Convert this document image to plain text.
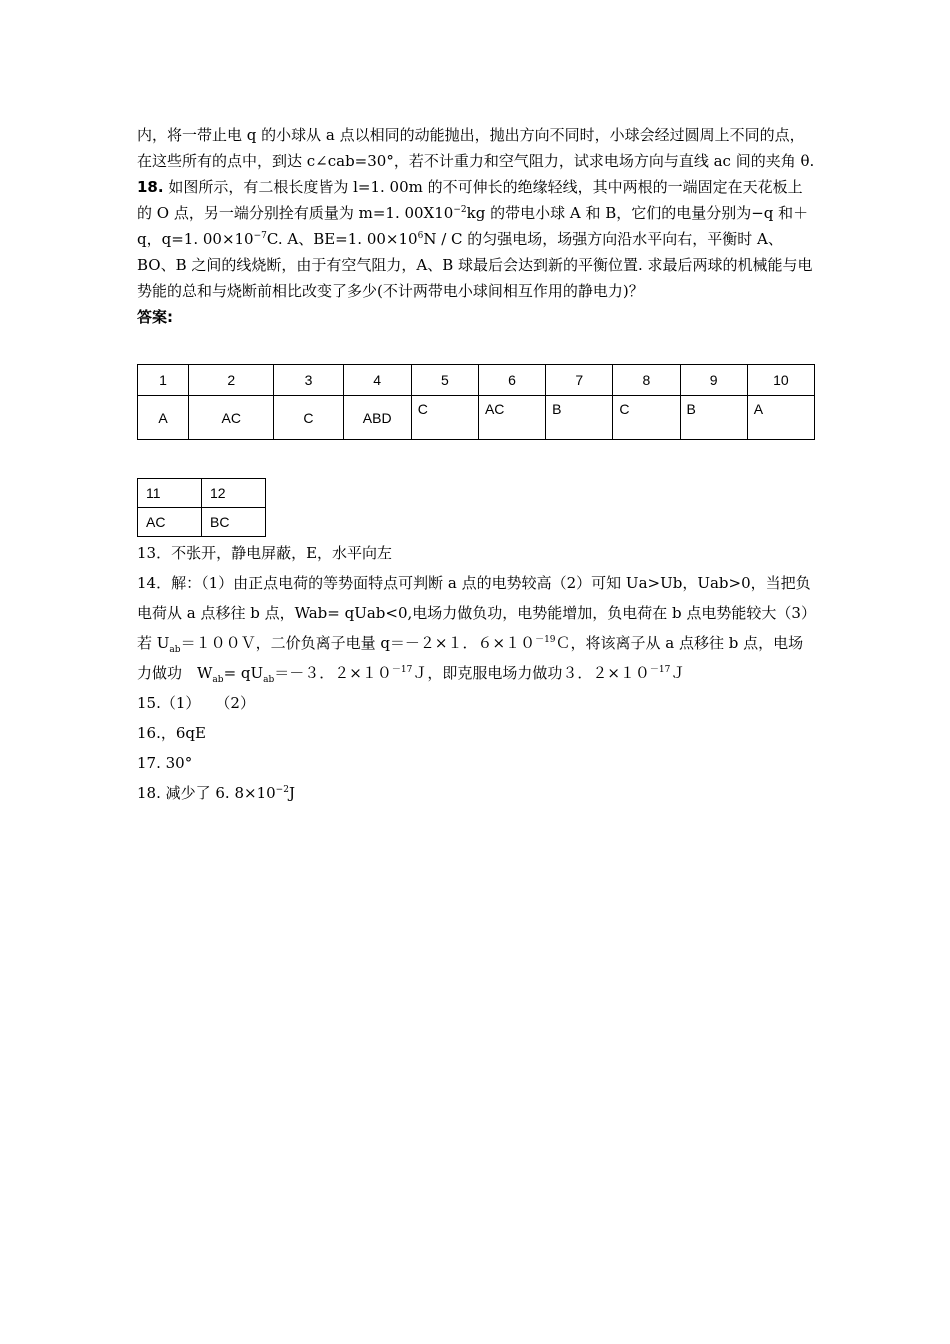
内，将一带止电 q 的小球从 a 点以相同的动能抛出，抛出方向不同时，小球会经过圆周上不同的点，在这些所有的点中，到达 c∠cab=30°，若不计重力和空气阻力，试求电场方向与直线 ac 间的夹角 θ.

18. 如图所示，有二根长度皆为 l=1. 00m 的不可伸长的绝缘轻线，其中两根的一端固定在天花板上的 O 点，另一端分别拴有质量为 m=1. $00X10^{-2}kg$ 的带电小球 A 和 B，它们的电量分别为−q 和＋q，q=1. $00\times 10^{-7}C$. A、BE=1. $00\times 10^6N / C$ 的匀强电场，场强方向沿水平向右，平衡时 A、BO、B 之间的线烧断，由于有空气阻力，A、B 球最后会达到新的平衡位置. 求最后两球的机械能与电势能的总和与烧断前相比改变了多少(不计两带电小球间相互作用的静电力)？

答案:

1	2	3	4	5	6	7	8	9	10
A	AC	C	ABD	C	AC	B	C	B	A
11	12
AC	BC

13．不张开，静电屏蔽，E，水平向左

14．解：（1）由正点电荷的等势面特点可判断 a 点的电势较高（2）可知 Ua>Ub，Uab>0，当把负电荷从 a 点移往 b 点，Wab= qUab<0,电场力做负功，电势能增加，负电荷在 b 点电势能较大（3）若 $U_{ab}=100V$，二价负离子电量 q＝－２×１．$6\times 10^{-19}C$，将该离子从 a 点移往 b 点，电场力做功　$W_{ab}= qU_{ab}=-3$．$2\times 10^{-17}J$，即克服电场力做功３．$2\times 10^{-17}J$

15.（1）　　（2）

16.，6qE

17. 30°

18. 减少了 6. $8\times 10^{-2}J$
